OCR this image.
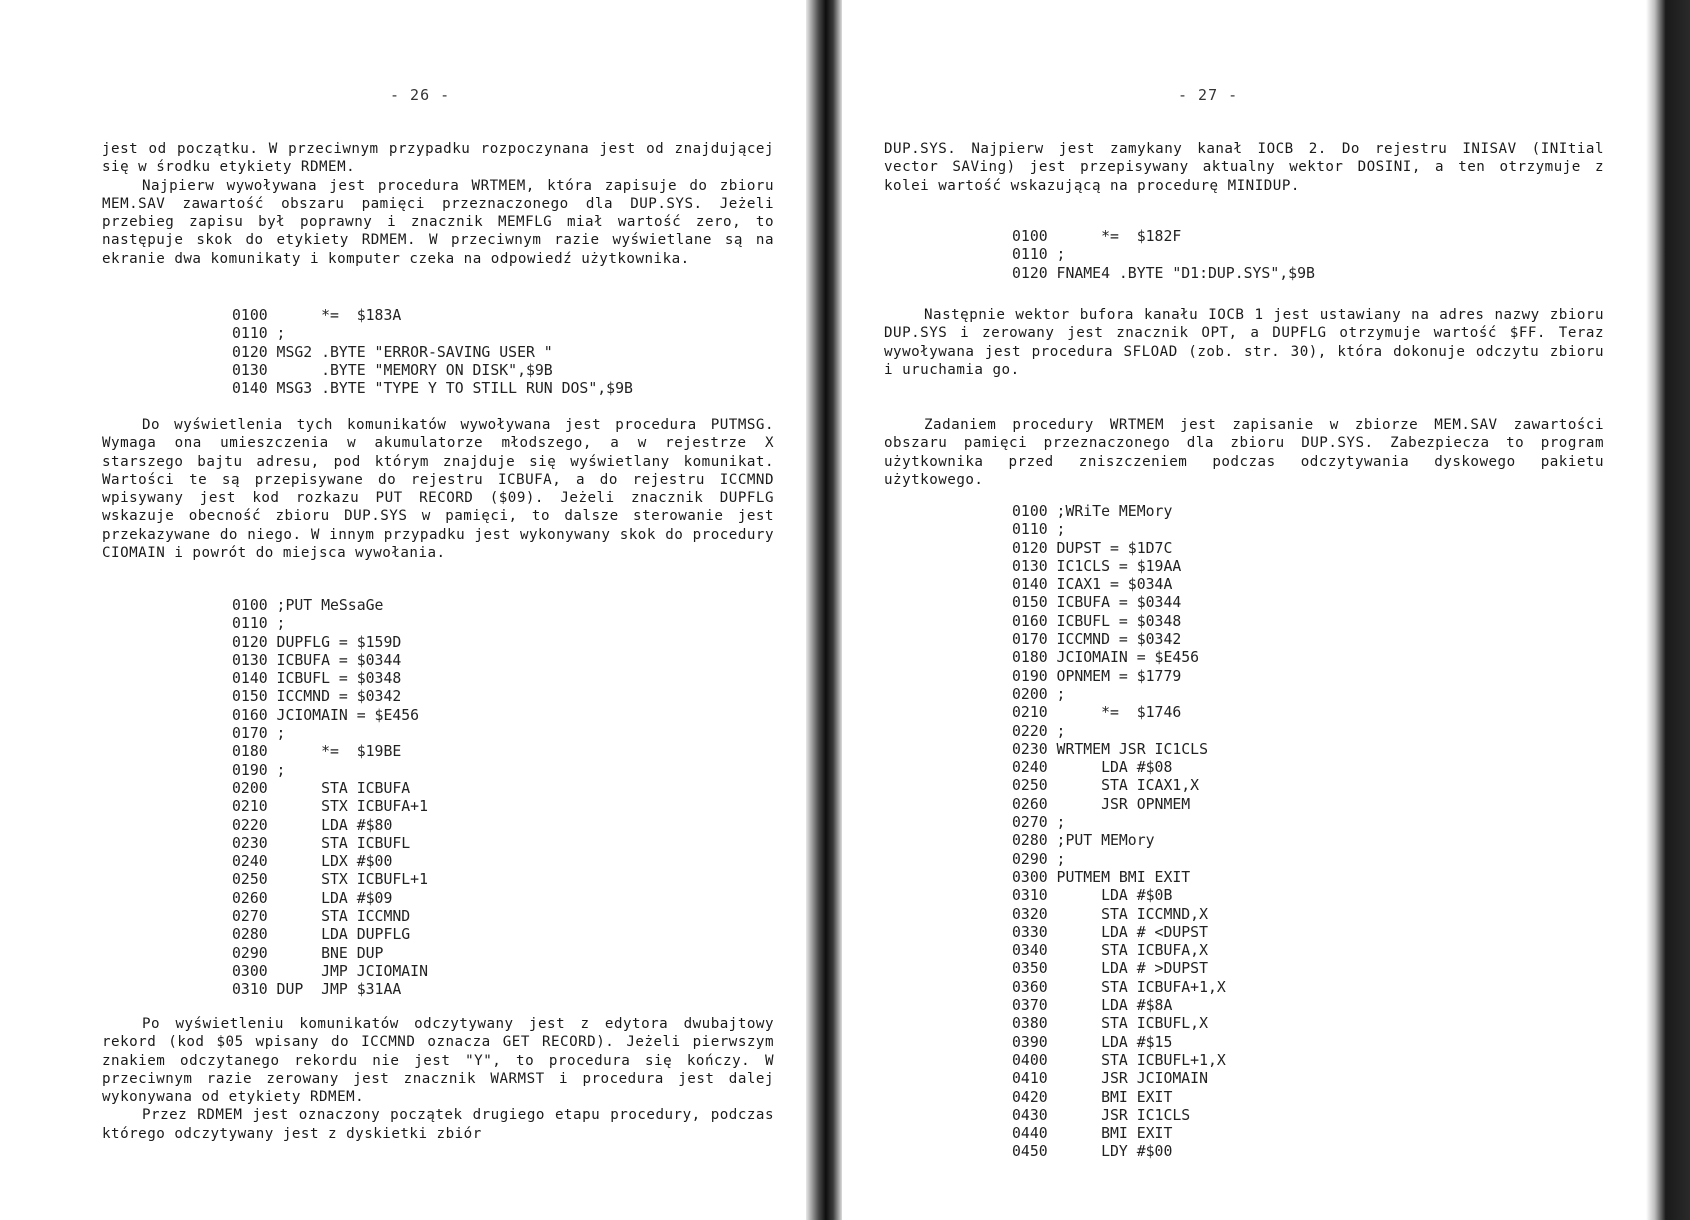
- 26 -

jest od początku. W przeciwnym przypadku rozpoczynana jest od znajdującej się w środku etykiety RDMEM.

Najpierw wywoływana jest procedura WRTMEM, która zapisuje do zbioru MEM.SAV zawartość obszaru pamięci przeznaczonego dla DUP.SYS. Jeżeli przebieg zapisu był poprawny i znacznik MEMFLG miał wartość zero, to następuje skok do etykiety RDMEM. W przeciwnym razie wyświetlane są na ekranie dwa komunikaty i komputer czeka na odpowiedź użytkownika.

0100      *=  $183A
0110 ;
0120 MSG2 .BYTE "ERROR-SAVING USER "
0130      .BYTE "MEMORY ON DISK",$9B
0140 MSG3 .BYTE "TYPE Y TO STILL RUN DOS",$9B

Do wyświetlenia tych komunikatów wywoływana jest procedura PUTMSG. Wymaga ona umieszczenia w akumulatorze młodszego, a w rejestrze X starszego bajtu adresu, pod którym znajduje się wyświetlany komunikat. Wartości te są przepisywane do rejestru ICBUFA, a do rejestru ICCMND wpisywany jest kod rozkazu PUT RECORD ($09). Jeżeli znacznik DUPFLG wskazuje obecność zbioru DUP.SYS w pamięci, to dalsze sterowanie jest przekazywane do niego. W innym przypadku jest wykonywany skok do procedury CIOMAIN i powrót do miejsca wywołania.

0100 ;PUT MeSsaGe
0110 ;
0120 DUPFLG = $159D
0130 ICBUFA = $0344
0140 ICBUFL = $0348
0150 ICCMND = $0342
0160 JCIOMAIN = $E456
0170 ;
0180      *=  $19BE
0190 ;
0200      STA ICBUFA
0210      STX ICBUFA+1
0220      LDA #$80
0230      STA ICBUFL
0240      LDX #$00
0250      STX ICBUFL+1
0260      LDA #$09
0270      STA ICCMND
0280      LDA DUPFLG
0290      BNE DUP
0300      JMP JCIOMAIN
0310 DUP  JMP $31AA

Po wyświetleniu komunikatów odczytywany jest z edytora dwubajtowy rekord (kod $05 wpisany do ICCMND oznacza GET RECORD). Jeżeli pierwszym znakiem odczytanego rekordu nie jest "Y", to procedura się kończy. W przeciwnym razie zerowany jest znacznik WARMST i procedura jest dalej wykonywana od etykiety RDMEM.

Przez RDMEM jest oznaczony początek drugiego etapu procedury, podczas którego odczytywany jest z dyskietki zbiór

- 27 -

DUP.SYS. Najpierw jest zamykany kanał IOCB 2. Do rejestru INISAV (INItial vector SAVing) jest przepisywany aktualny wektor DOSINI, a ten otrzymuje z kolei wartość wskazującą na procedurę MINIDUP.

0100      *=  $182F
0110 ;
0120 FNAME4 .BYTE "D1:DUP.SYS",$9B

Następnie wektor bufora kanału IOCB 1 jest ustawiany na adres nazwy zbioru DUP.SYS i zerowany jest znacznik OPT, a DUPFLG otrzymuje wartość $FF. Teraz wywoływana jest procedura SFLOAD (zob. str. 30), która dokonuje odczytu zbioru i uruchamia go.

Zadaniem procedury WRTMEM jest zapisanie w zbiorze MEM.SAV zawartości obszaru pamięci przeznaczonego dla zbioru DUP.SYS. Zabezpiecza to program użytkownika przed zniszczeniem podczas odczytywania dyskowego pakietu użytkowego.

0100 ;WRiTe MEMory
0110 ;
0120 DUPST = $1D7C
0130 IC1CLS = $19AA
0140 ICAX1 = $034A
0150 ICBUFA = $0344
0160 ICBUFL = $0348
0170 ICCMND = $0342
0180 JCIOMAIN = $E456
0190 OPNMEM = $1779
0200 ;
0210      *=  $1746
0220 ;
0230 WRTMEM JSR IC1CLS
0240      LDA #$08
0250      STA ICAX1,X
0260      JSR OPNMEM
0270 ;
0280 ;PUT MEMory
0290 ;
0300 PUTMEM BMI EXIT
0310      LDA #$0B
0320      STA ICCMND,X
0330      LDA # <DUPST
0340      STA ICBUFA,X
0350      LDA # >DUPST
0360      STA ICBUFA+1,X
0370      LDA #$8A
0380      STA ICBUFL,X
0390      LDA #$15
0400      STA ICBUFL+1,X
0410      JSR JCIOMAIN
0420      BMI EXIT
0430      JSR IC1CLS
0440      BMI EXIT
0450      LDY #$00
